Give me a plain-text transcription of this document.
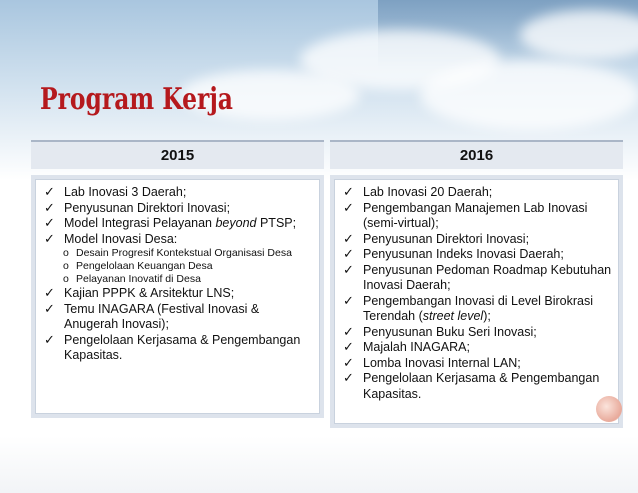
Program Kerja
2015
✓ Lab Inovasi 3 Daerah;
✓ Penyusunan Direktori Inovasi;
✓ Model Integrasi Pelayanan beyond PTSP;
✓ Model Inovasi Desa:
o Desain Progresif Kontekstual Organisasi Desa
o Pengelolaan Keuangan Desa
o Pelayanan Inovatif di Desa
✓ Kajian PPPK & Arsitektur LNS;
✓ Temu INAGARA (Festival Inovasi & Anugerah Inovasi);
✓ Pengelolaan Kerjasama & Pengembangan Kapasitas.
2016
✓ Lab Inovasi 20 Daerah;
✓ Pengembangan Manajemen Lab Inovasi (semi-virtual);
✓ Penyusunan Direktori Inovasi;
✓ Penyusunan Indeks Inovasi Daerah;
✓ Penyusunan Pedoman Roadmap Kebutuhan Inovasi Daerah;
✓ Pengembangan Inovasi di Level Birokrasi Terendah (street level);
✓ Penyusunan Buku Seri Inovasi;
✓ Majalah INAGARA;
✓ Lomba Inovasi Internal LAN;
✓ Pengelolaan Kerjasama & Pengembangan Kapasitas.
